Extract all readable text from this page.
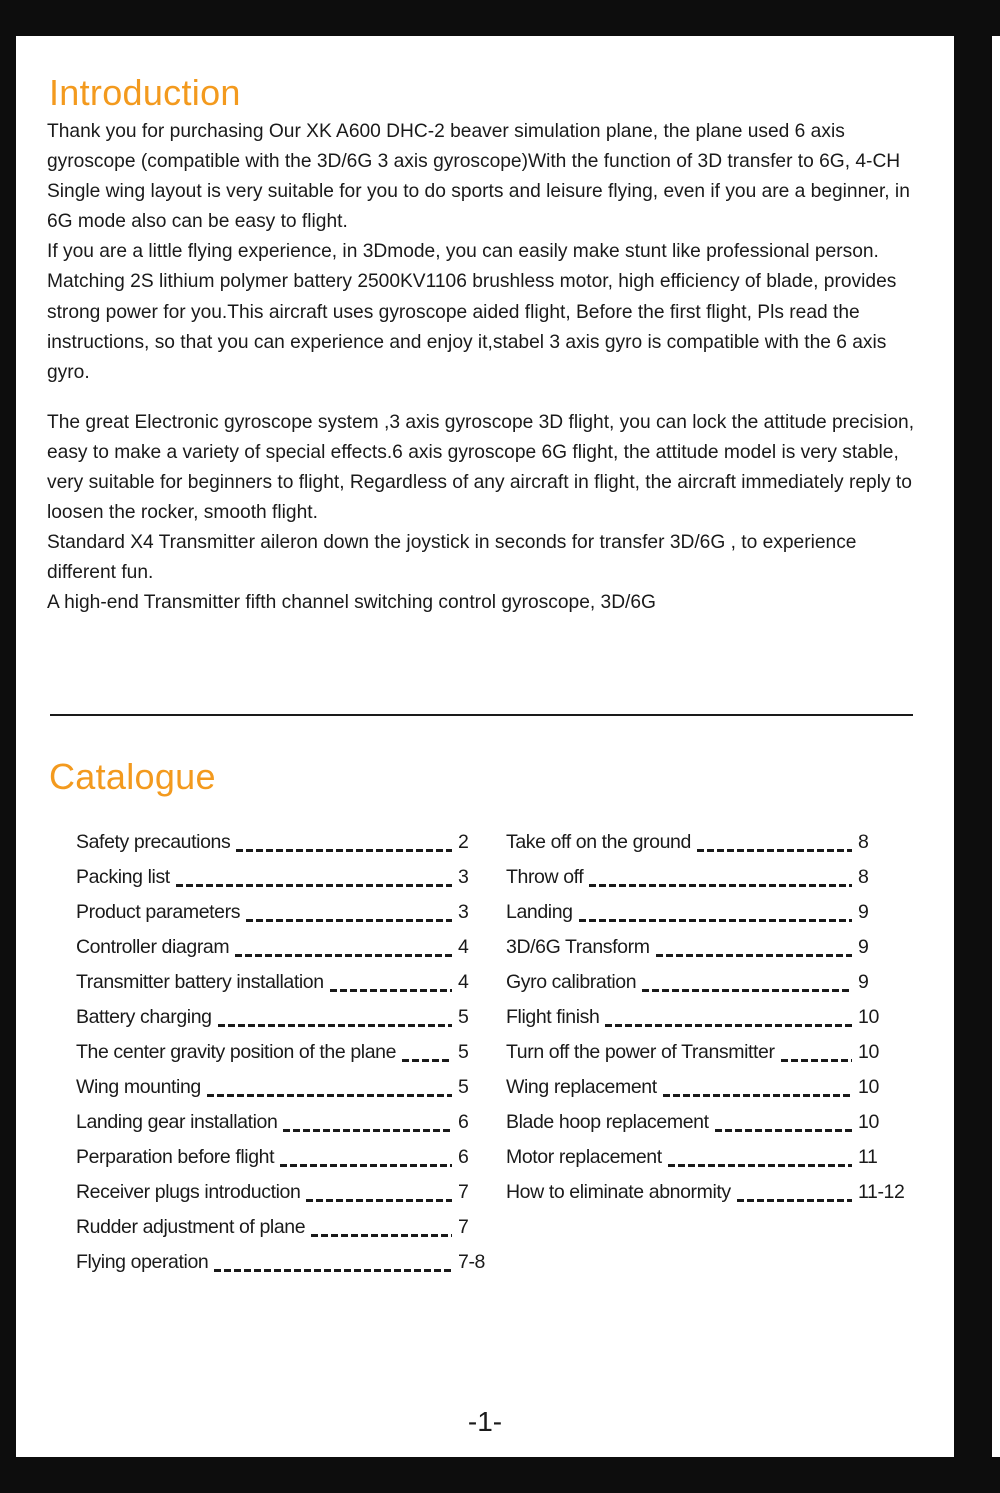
Introduction

Thank you for purchasing Our XK A600 DHC-2 beaver simulation plane, the plane used 6 axis gyroscope (compatible with the 3D/6G 3 axis gyroscope)With the function of 3D transfer to 6G, 4-CH Single wing layout is very suitable for you to do sports and leisure flying, even if you are a beginner, in 6G mode also can be easy to flight.

If you are a little flying experience, in 3Dmode, you can easily make stunt like professional person.

Matching 2S lithium polymer battery 2500KV1106 brushless motor, high efficiency of blade, provides strong power for you.This aircraft uses gyroscope aided flight, Before the first flight, Pls read the instructions, so that you can experience and enjoy it,stabel 3 axis gyro is compatible with the 6 axis gyro.

The great Electronic gyroscope system ,3 axis gyroscope 3D flight, you can lock the attitude precision, easy to make a variety of special effects.6 axis gyroscope 6G flight, the attitude model is very stable, very suitable for beginners to flight, Regardless of any aircraft in flight, the aircraft immediately reply to loosen the rocker, smooth flight.

Standard X4 Transmitter aileron down the joystick in seconds for transfer 3D/6G , to experience different fun.

A high-end Transmitter fifth channel switching control gyroscope, 3D/6G

Catalogue
Safety precautions	2
Packing list	3
Product parameters	3
Controller diagram	4
Transmitter battery installation	4
Battery charging	5
The center gravity position of the plane	5
Wing mounting	5
Landing gear installation	6
Perparation before flight	6
Receiver plugs introduction	7
Rudder adjustment of plane	7
Flying operation	7-8
Take off on the ground	8
Throw off	8
Landing	9
3D/6G Transform	9
Gyro calibration	9
Flight finish	10
Turn off the power of Transmitter	10
Wing replacement	10
Blade hoop replacement	10
Motor replacement	11
How to eliminate abnormity	11-12
-1-
